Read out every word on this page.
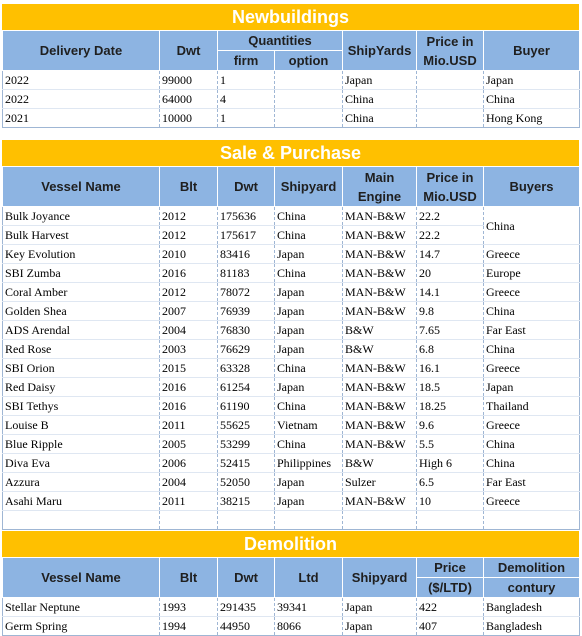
Newbuildings
Delivery Date	Dwt	Quantities		ShipYards	Price in Mio.USD	Buyer
		firm	option			
2022	99000	1		Japan		Japan
2022	64000	4		China		China
2021	10000	1		China		Hong Kong
Sale & Purchase
Vessel Name	Blt	Dwt	Shipyard	Main Engine	Price in Mio.USD	Buyers
Bulk Joyance	2012	175636	China	MAN-B&W	22.2	China
Bulk Harvest	2012	175617	China	MAN-B&W	22.2	
Key Evolution	2010	83416	Japan	MAN-B&W	14.7	Greece
SBI Zumba	2016	81183	China	MAN-B&W	20	Europe
Coral Amber	2012	78072	Japan	MAN-B&W	14.1	Greece
Golden Shea	2007	76939	Japan	MAN-B&W	9.8	China
ADS Arendal	2004	76830	Japan	B&W	7.65	Far East
Red Rose	2003	76629	Japan	B&W	6.8	China
SBI Orion	2015	63328	China	MAN-B&W	16.1	Greece
Red Daisy	2016	61254	Japan	MAN-B&W	18.5	Japan
SBI Tethys	2016	61190	China	MAN-B&W	18.25	Thailand
Louise B	2011	55625	Vietnam	MAN-B&W	9.6	Greece
Blue Ripple	2005	53299	China	MAN-B&W	5.5	China
Diva Eva	2006	52415	Philippines	B&W	High 6	China
Azzura	2004	52050	Japan	Sulzer	6.5	Far East
Asahi Maru	2011	38215	Japan	MAN-B&W	10	Greece

Demolition
Vessel Name	Blt	Dwt	Ltd	Shipyard	Price	Demolition
					($/LTD)	contury
Stellar Neptune	1993	291435	39341	Japan	422	Bangladesh
Germ Spring	1994	44950	8066	Japan	407	Bangladesh
